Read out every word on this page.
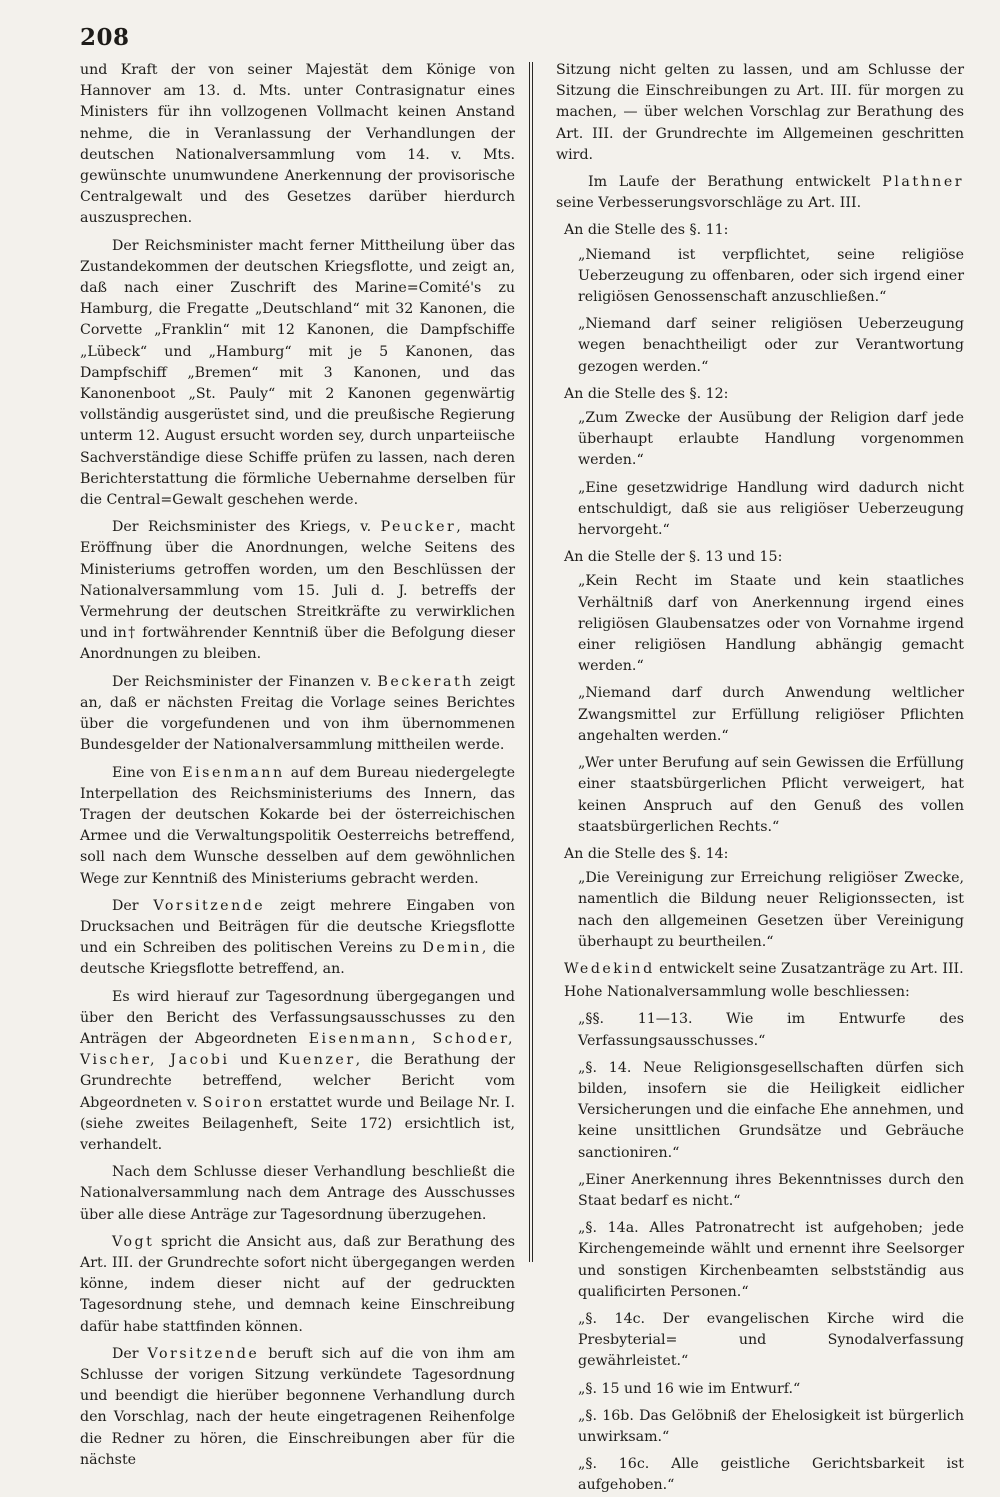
208

und Kraft der von seiner Majestät dem Könige von Hannover am 13. d. Mts. unter Contrasignatur eines Ministers für ihn vollzogenen Vollmacht keinen Anstand nehme, die in Veranlassung der Verhandlungen der deutschen Nationalversammlung vom 14. v. Mts. gewünschte unumwundene Anerkennung der provisorische Centralgewalt und des Gesetzes darüber hierdurch auszusprechen.

Der Reichsminister macht ferner Mittheilung über das Zustandekommen der deutschen Kriegsflotte, und zeigt an, daß nach einer Zuschrift des Marine=Comité's zu Hamburg, die Fregatte „Deutschland“ mit 32 Kanonen, die Corvette „Franklin“ mit 12 Kanonen, die Dampfschiffe „Lübeck“ und „Hamburg“ mit je 5 Kanonen, das Dampfschiff „Bremen“ mit 3 Kanonen, und das Kanonenboot „St. Pauly“ mit 2 Kanonen gegenwärtig vollständig ausgerüstet sind, und die preußische Regierung unterm 12. August ersucht worden sey, durch unparteiische Sachverständige diese Schiffe prüfen zu lassen, nach deren Berichterstattung die förmliche Uebernahme derselben für die Central=Gewalt geschehen werde.

Der Reichsminister des Kriegs, v. Peucker, macht Eröffnung über die Anordnungen, welche Seitens des Ministeriums getroffen worden, um den Beschlüssen der Nationalversammlung vom 15. Juli d. J. betreffs der Vermehrung der deutschen Streitkräfte zu verwirklichen und in† fortwährender Kenntniß über die Befolgung dieser Anordnungen zu bleiben.

Der Reichsminister der Finanzen v. Beckerath zeigt an, daß er nächsten Freitag die Vorlage seines Berichtes über die vorgefundenen und von ihm übernommenen Bundesgelder der Nationalversammlung mittheilen werde.

Eine von Eisenmann auf dem Bureau niedergelegte Interpellation des Reichsministeriums des Innern, das Tragen der deutschen Kokarde bei der österreichischen Armee und die Verwaltungspolitik Oesterreichs betreffend, soll nach dem Wunsche desselben auf dem gewöhnlichen Wege zur Kenntniß des Ministeriums gebracht werden.

Der Vorsitzende zeigt mehrere Eingaben von Drucksachen und Beiträgen für die deutsche Kriegsflotte und ein Schreiben des politischen Vereins zu Demin, die deutsche Kriegsflotte betreffend, an.

Es wird hierauf zur Tagesordnung übergegangen und über den Bericht des Verfassungsausschusses zu den Anträgen der Abgeordneten Eisenmann, Schoder, Vischer, Jacobi und Kuenzer, die Berathung der Grundrechte betreffend, welcher Bericht vom Abgeordneten v. Soiron erstattet wurde und Beilage Nr. I. (siehe zweites Beilagenheft, Seite 172) ersichtlich ist, verhandelt.

Nach dem Schlusse dieser Verhandlung beschließt die Nationalversammlung nach dem Antrage des Ausschusses über alle diese Anträge zur Tagesordnung überzugehen.

Vogt spricht die Ansicht aus, daß zur Berathung des Art. III. der Grundrechte sofort nicht übergegangen werden könne, indem dieser nicht auf der gedruckten Tagesordnung stehe, und demnach keine Einschreibung dafür habe stattfinden können.

Der Vorsitzende beruft sich auf die von ihm am Schlusse der vorigen Sitzung verkündete Tagesordnung und beendigt die hierüber begonnene Verhandlung durch den Vorschlag, nach der heute eingetragenen Reihenfolge die Redner zu hören, die Einschreibungen aber für die nächste

Sitzung nicht gelten zu lassen, und am Schlusse der Sitzung die Einschreibungen zu Art. III. für morgen zu machen, — über welchen Vorschlag zur Berathung des Art. III. der Grundrechte im Allgemeinen geschritten wird.

Im Laufe der Berathung entwickelt Plathner seine Verbesserungsvorschläge zu Art. III.

An die Stelle des §. 11:

„Niemand ist verpflichtet, seine religiöse Ueberzeugung zu offenbaren, oder sich irgend einer religiösen Genossenschaft anzuschließen.“

„Niemand darf seiner religiösen Ueberzeugung wegen benachtheiligt oder zur Verantwortung gezogen werden.“

An die Stelle des §. 12:

„Zum Zwecke der Ausübung der Religion darf jede überhaupt erlaubte Handlung vorgenommen werden.“

„Eine gesetzwidrige Handlung wird dadurch nicht entschuldigt, daß sie aus religiöser Ueberzeugung hervorgeht.“

An die Stelle der §. 13 und 15:

„Kein Recht im Staate und kein staatliches Verhältniß darf von Anerkennung irgend eines religiösen Glaubensatzes oder von Vornahme irgend einer religiösen Handlung abhängig gemacht werden.“

„Niemand darf durch Anwendung weltlicher Zwangsmittel zur Erfüllung religiöser Pflichten angehalten werden.“

„Wer unter Berufung auf sein Gewissen die Erfüllung einer staatsbürgerlichen Pflicht verweigert, hat keinen Anspruch auf den Genuß des vollen staatsbürgerlichen Rechts.“

An die Stelle des §. 14:

„Die Vereinigung zur Erreichung religiöser Zwecke, namentlich die Bildung neuer Religionssecten, ist nach den allgemeinen Gesetzen über Vereinigung überhaupt zu beurtheilen.“

Wedekind entwickelt seine Zusatzanträge zu Art. III.

Hohe Nationalversammlung wolle beschliessen:

„§§. 11—13. Wie im Entwurfe des Verfassungsausschusses.“

„§. 14. Neue Religionsgesellschaften dürfen sich bilden, insofern sie die Heiligkeit eidlicher Versicherungen und die einfache Ehe annehmen, und keine unsittlichen Grundsätze und Gebräuche sanctioniren.“

„Einer Anerkennung ihres Bekenntnisses durch den Staat bedarf es nicht.“

„§. 14a. Alles Patronatrecht ist aufgehoben; jede Kirchengemeinde wählt und ernennt ihre Seelsorger und sonstigen Kirchenbeamten selbstständig aus qualificirten Personen.“

„§. 14c. Der evangelischen Kirche wird die Presbyterial= und Synodalverfassung gewährleistet.“

„§. 15 und 16 wie im Entwurf.“

„§. 16b. Das Gelöbniß der Ehelosigkeit ist bürgerlich unwirksam.“

„§. 16c. Alle geistliche Gerichtsbarkeit ist aufgehoben.“
